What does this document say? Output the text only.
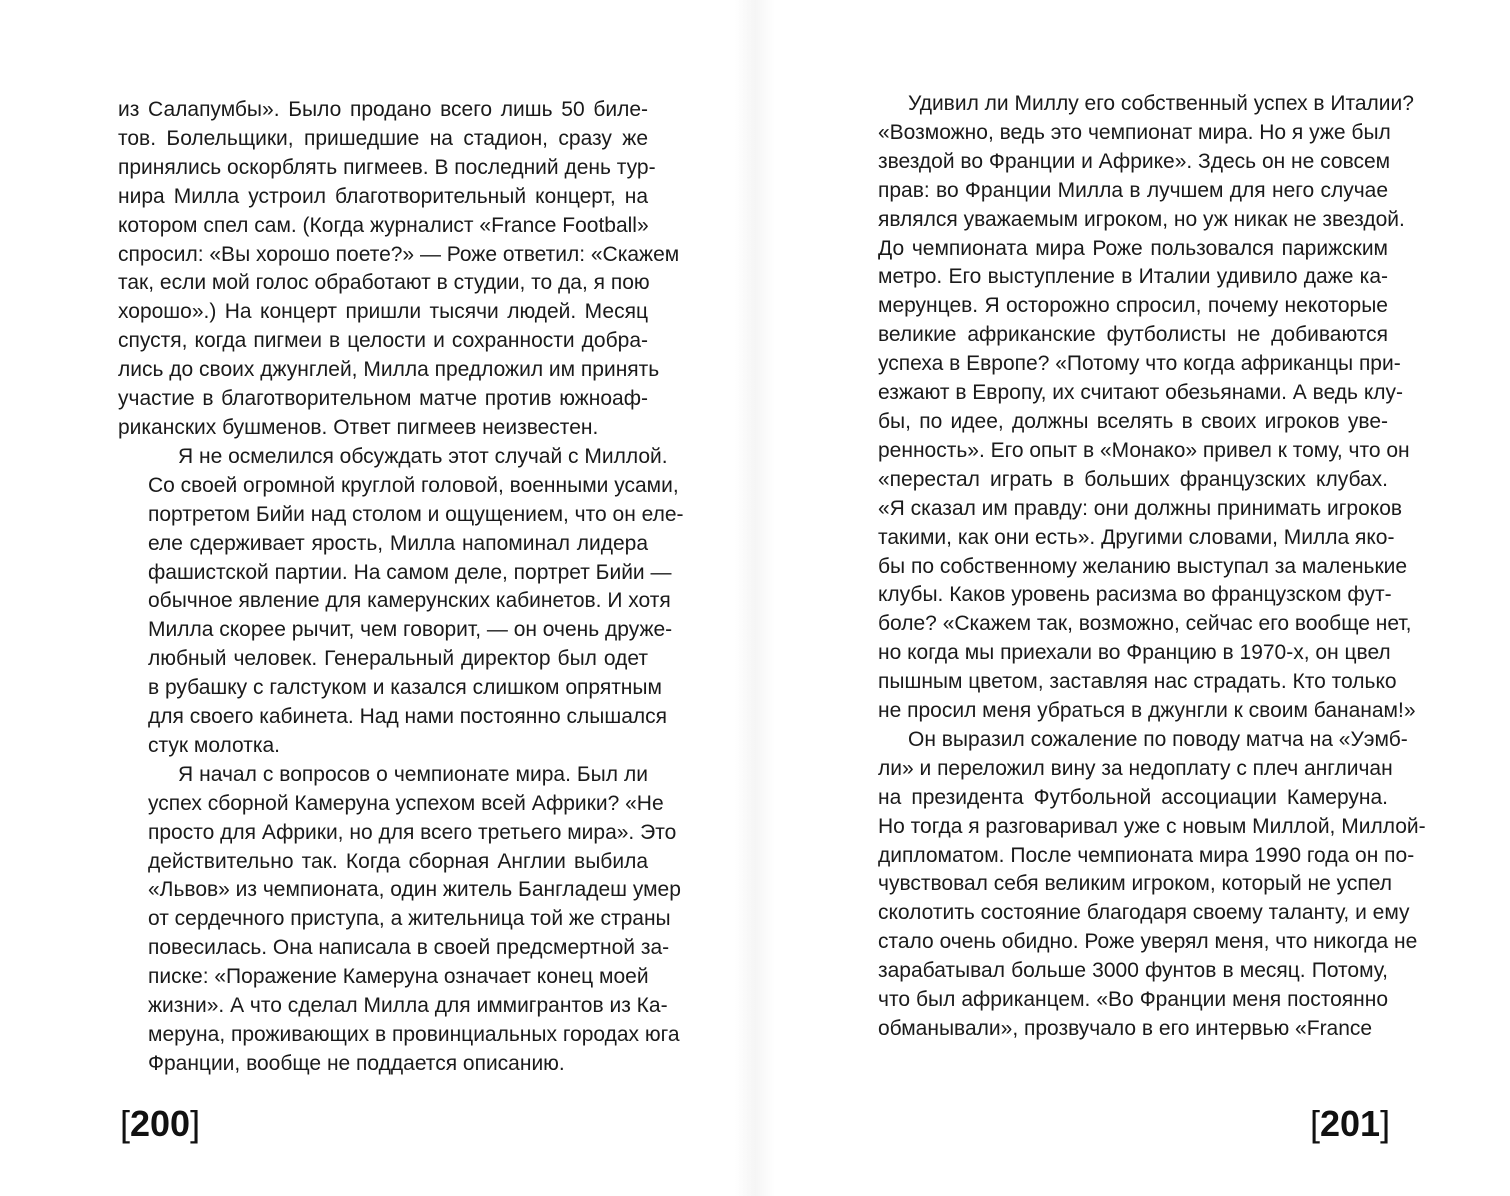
из Салапумбы». Было продано всего лишь 50 биле-
тов. Болельщики, пришедшие на стадион, сразу же
принялись оскорблять пигмеев. В последний день тур-
нира Милла устроил благотворительный концерт, на
котором спел сам. (Когда журналист «France Football»
спросил: «Вы хорошо поете?» — Роже ответил: «Скажем
так, если мой голос обработают в студии, то да, я пою
хорошо».) На концерт пришли тысячи людей. Месяц
спустя, когда пигмеи в целости и сохранности добра-
лись до своих джунглей, Милла предложил им принять
участие в благотворительном матче против южноаф-
риканских бушменов. Ответ пигмеев неизвестен.
Я не осмелился обсуждать этот случай с Миллой.
Со своей огромной круглой головой, военными усами,
портретом Бийи над столом и ощущением, что он еле-
еле сдерживает ярость, Милла напоминал лидера
фашистской партии. На самом деле, портрет Бийи —
обычное явление для камерунских кабинетов. И хотя
Милла скорее рычит, чем говорит, — он очень друже-
любный человек. Генеральный директор был одет
в рубашку с галстуком и казался слишком опрятным
для своего кабинета. Над нами постоянно слышался
стук молотка.
Я начал с вопросов о чемпионате мира. Был ли
успех сборной Камеруна успехом всей Африки? «Не
просто для Африки, но для всего третьего мира». Это
действительно так. Когда сборная Англии выбила
«Львов» из чемпионата, один житель Бангладеш умер
от сердечного приступа, а жительница той же страны
повесилась. Она написала в своей предсмертной за-
писке: «Поражение Камеруна означает конец моей
жизни». А что сделал Милла для иммигрантов из Ка-
меруна, проживающих в провинциальных городах юга
Франции, вообще не поддается описанию.
[200]
Удивил ли Миллу его собственный успех в Италии?
«Возможно, ведь это чемпионат мира. Но я уже был
звездой во Франции и Африке». Здесь он не совсем
прав: во Франции Милла в лучшем для него случае
являлся уважаемым игроком, но уж никак не звездой.
До чемпионата мира Роже пользовался парижским
метро. Его выступление в Италии удивило даже ка-
мерунцев. Я осторожно спросил, почему некоторые
великие африканские футболисты не добиваются
успеха в Европе? «Потому что когда африканцы при-
езжают в Европу, их считают обезьянами. А ведь клу-
бы, по идее, должны вселять в своих игроков уве-
ренность». Его опыт в «Монако» привел к тому, что он
«перестал играть в больших французских клубах.
«Я сказал им правду: они должны принимать игроков
такими, как они есть». Другими словами, Милла яко-
бы по собственному желанию выступал за маленькие
клубы. Каков уровень расизма во французском фут-
боле? «Скажем так, возможно, сейчас его вообще нет,
но когда мы приехали во Францию в 1970-х, он цвел
пышным цветом, заставляя нас страдать. Кто только
не просил меня убраться в джунгли к своим бананам!»
Он выразил сожаление по поводу матча на «Уэмб-
ли» и переложил вину за недоплату с плеч англичан
на президента Футбольной ассоциации Камеруна.
Но тогда я разговаривал уже с новым Миллой, Миллой-
дипломатом. После чемпионата мира 1990 года он по-
чувствовал себя великим игроком, который не успел
сколотить состояние благодаря своему таланту, и ему
стало очень обидно. Роже уверял меня, что никогда не
зарабатывал больше 3000 фунтов в месяц. Потому,
что был африканцем. «Во Франции меня постоянно
обманывали», прозвучало в его интервью «France
[201]
